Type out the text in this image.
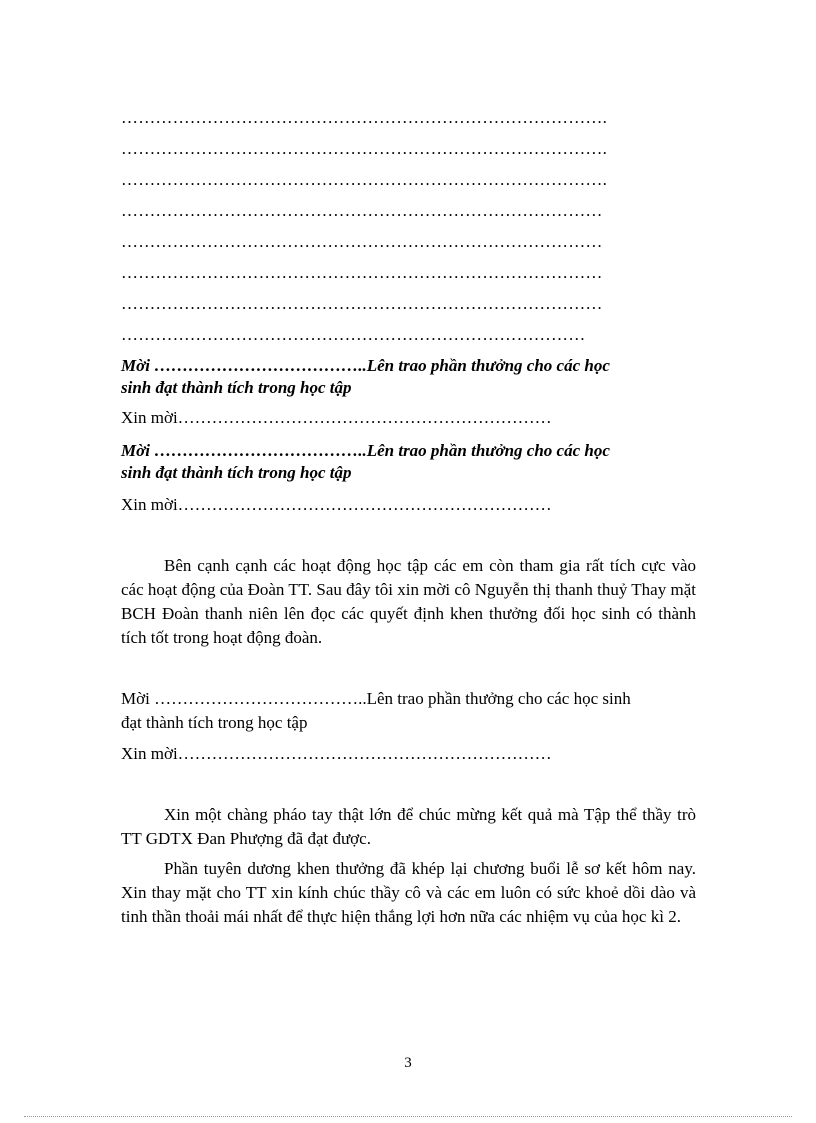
………………………………………………………………………….
………………………………………………………………………….
………………………………………………………………………….
…………………………………………………………………………
…………………………………………………………………………
…………………………………………………………………………
…………………………………………………………………………
………………………………………………………………………
Mời ………………………………..Lên trao phần thưởng cho các học
sinh đạt thành tích trong học tập
Xin mời…………………………………………………………
Mời ………………………………..Lên trao phần thưởng cho các học
sinh đạt thành tích trong học tập
Xin mời…………………………………………………………
Bên cạnh cạnh các hoạt động học tập các em còn tham gia rất tích cực vào các hoạt động của Đoàn TT. Sau đây tôi xin mời cô Nguyễn thị thanh thuỷ Thay mặt BCH Đoàn thanh niên lên đọc các quyết định khen thưởng đối học sinh có thành tích tốt trong hoạt động đoàn.
Mời ………………………………..Lên trao phần thưởng cho các học sinh
đạt thành tích trong học tập
Xin mời…………………………………………………………
Xin một chàng pháo tay thật lớn để chúc mừng kết quả mà Tập thể thầy trò TT GDTX Đan Phượng đã đạt được.
Phần tuyên dương khen thưởng đã khép lại chương buổi lễ sơ kết hôm nay. Xin thay mặt cho TT xin kính chúc thầy cô và các em luôn có sức khoẻ dồi dào và tinh thần thoải mái nhất để thực hiện thắng lợi hơn nữa các nhiệm vụ của học kì 2.
3
